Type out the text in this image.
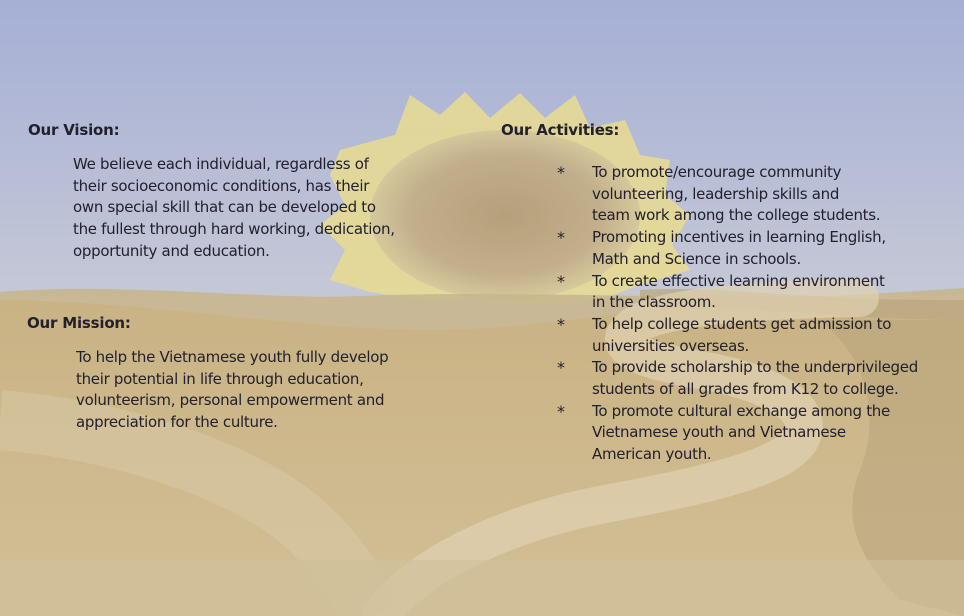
Our Vision:

We believe each individual, regardless of
their socioeconomic conditions, has their
own special skill that can be developed to
the fullest through hard working, dedication,
opportunity and education.

Our Mission:

To help the Vietnamese youth fully develop
their potential in life through education,
volunteerism, personal empowerment and
appreciation for the culture.

Our Activities:
* To promote/encourage community
volunteering, leadership skills and
team work among the college students.
* Promoting incentives in learning English,
Math and Science in schools.
* To create effective learning environment
in the classroom.
* To help college students get admission to
universities overseas.
* To provide scholarship to the underprivileged
students of all grades from K12 to college.
* To promote cultural exchange among the
Vietnamese youth and Vietnamese
American youth.
